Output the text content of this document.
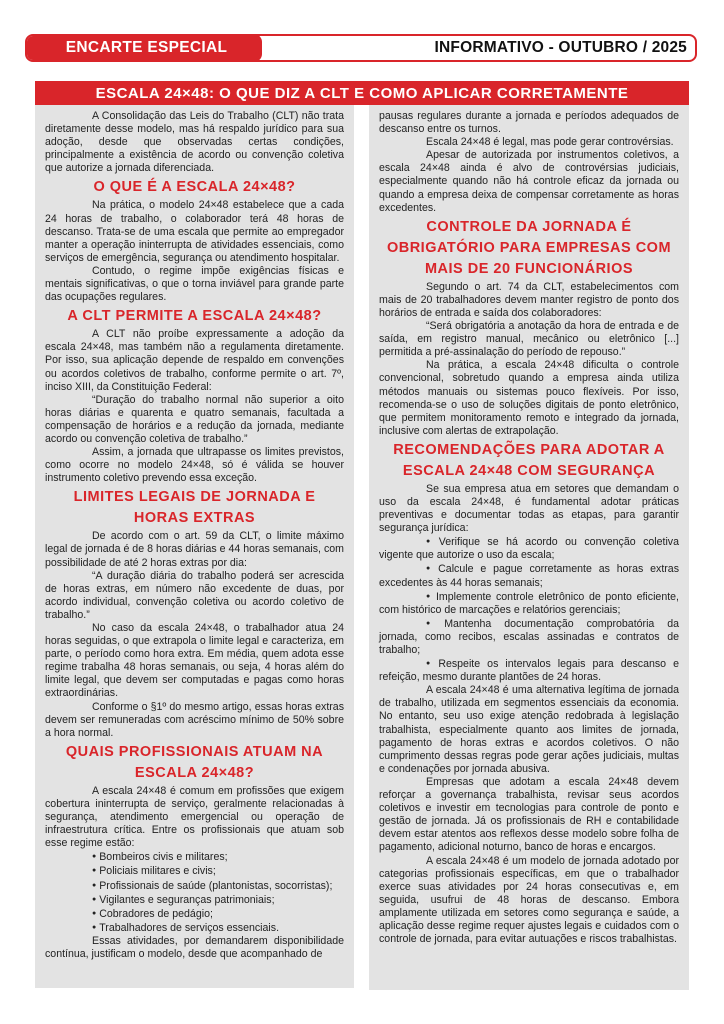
ENCARTE ESPECIAL	INFORMATIVO - OUTUBRO / 2025
ESCALA 24×48: O QUE DIZ A CLT E COMO APLICAR CORRETAMENTE

A Consolidação das Leis do Trabalho (CLT) não trata diretamente desse modelo, mas há respaldo jurídico para sua adoção, desde que observadas certas condições, principalmente a existência de acordo ou convenção coletiva que autorize a jornada diferenciada.

O QUE É A ESCALA 24×48?

Na prática, o modelo 24×48 estabelece que a cada 24 horas de trabalho, o colaborador terá 48 horas de descanso. Trata-se de uma escala que permite ao empregador manter a operação ininterrupta de atividades essenciais, como serviços de emergência, segurança ou atendimento hospitalar.

Contudo, o regime impõe exigências físicas e mentais significativas, o que o torna inviável para grande parte das ocupações regulares.

A CLT PERMITE A ESCALA 24×48?

A CLT não proíbe expressamente a adoção da escala 24×48, mas também não a regulamenta diretamente. Por isso, sua aplicação depende de respaldo em convenções ou acordos coletivos de trabalho, conforme permite o art. 7º, inciso XIII, da Constituição Federal:

“Duração do trabalho normal não superior a oito horas diárias e quarenta e quatro semanais, facultada a compensação de horários e a redução da jornada, mediante acordo ou convenção coletiva de trabalho.”

Assim, a jornada que ultrapasse os limites previstos, como ocorre no modelo 24×48, só é válida se houver instrumento coletivo prevendo essa exceção.

LIMITES LEGAIS DE JORNADA E HORAS EXTRAS

De acordo com o art. 59 da CLT, o limite máximo legal de jornada é de 8 horas diárias e 44 horas semanais, com possibilidade de até 2 horas extras por dia:

“A duração diária do trabalho poderá ser acrescida de horas extras, em número não excedente de duas, por acordo individual, convenção coletiva ou acordo coletivo de trabalho.”

No caso da escala 24×48, o trabalhador atua 24 horas seguidas, o que extrapola o limite legal e caracteriza, em parte, o período como hora extra. Em média, quem adota esse regime trabalha 48 horas semanais, ou seja, 4 horas além do limite legal, que devem ser computadas e pagas como horas extraordinárias.

Conforme o §1º do mesmo artigo, essas horas extras devem ser remuneradas com acréscimo mínimo de 50% sobre a hora normal.

QUAIS PROFISSIONAIS ATUAM NA ESCALA 24×48?

A escala 24×48 é comum em profissões que exigem cobertura ininterrupta de serviço, geralmente relacionadas à segurança, atendimento emergencial ou operação de infraestrutura crítica. Entre os profissionais que atuam sob esse regime estão:

● Bombeiros civis e militares;
● Policiais militares e civis;
● Profissionais de saúde (plantonistas, socorristas);
● Vigilantes e seguranças patrimoniais;
● Cobradores de pedágio;
● Trabalhadores de serviços essenciais.

Essas atividades, por demandarem disponibilidade contínua, justificam o modelo, desde que acompanhado de

pausas regulares durante a jornada e períodos adequados de descanso entre os turnos.

Escala 24×48 é legal, mas pode gerar controvérsias.

Apesar de autorizada por instrumentos coletivos, a escala 24×48 ainda é alvo de controvérsias judiciais, especialmente quando não há controle eficaz da jornada ou quando a empresa deixa de compensar corretamente as horas excedentes.

CONTROLE DA JORNADA É OBRIGATÓRIO PARA EMPRESAS COM MAIS DE 20 FUNCIONÁRIOS

Segundo o art. 74 da CLT, estabelecimentos com mais de 20 trabalhadores devem manter registro de ponto dos horários de entrada e saída dos colaboradores:

“Será obrigatória a anotação da hora de entrada e de saída, em registro manual, mecânico ou eletrônico [...] permitida a pré-assinalação do período de repouso.”

Na prática, a escala 24×48 dificulta o controle convencional, sobretudo quando a empresa ainda utiliza métodos manuais ou sistemas pouco flexíveis. Por isso, recomenda-se o uso de soluções digitais de ponto eletrônico, que permitem monitoramento remoto e integrado da jornada, inclusive com alertas de extrapolação.

RECOMENDAÇÕES PARA ADOTAR A ESCALA 24×48 COM SEGURANÇA

Se sua empresa atua em setores que demandam o uso da escala 24×48, é fundamental adotar práticas preventivas e documentar todas as etapas, para garantir segurança jurídica:

● Verifique se há acordo ou convenção coletiva vigente que autorize o uso da escala;

● Calcule e pague corretamente as horas extras excedentes às 44 horas semanais;

● Implemente controle eletrônico de ponto eficiente, com histórico de marcações e relatórios gerenciais;

● Mantenha documentação comprobatória da jornada, como recibos, escalas assinadas e contratos de trabalho;

● Respeite os intervalos legais para descanso e refeição, mesmo durante plantões de 24 horas.

A escala 24×48 é uma alternativa legítima de jornada de trabalho, utilizada em segmentos essenciais da economia. No entanto, seu uso exige atenção redobrada à legislação trabalhista, especialmente quanto aos limites de jornada, pagamento de horas extras e acordos coletivos. O não cumprimento dessas regras pode gerar ações judiciais, multas e condenações por jornada abusiva.

Empresas que adotam a escala 24×48 devem reforçar a governança trabalhista, revisar seus acordos coletivos e investir em tecnologias para controle de ponto e gestão de jornada. Já os profissionais de RH e contabilidade devem estar atentos aos reflexos desse modelo sobre folha de pagamento, adicional noturno, banco de horas e encargos.

A escala 24×48 é um modelo de jornada adotado por categorias profissionais específicas, em que o trabalhador exerce suas atividades por 24 horas consecutivas e, em seguida, usufrui de 48 horas de descanso. Embora amplamente utilizada em setores como segurança e saúde, a aplicação desse regime requer ajustes legais e cuidados com o controle de jornada, para evitar autuações e riscos trabalhistas.
